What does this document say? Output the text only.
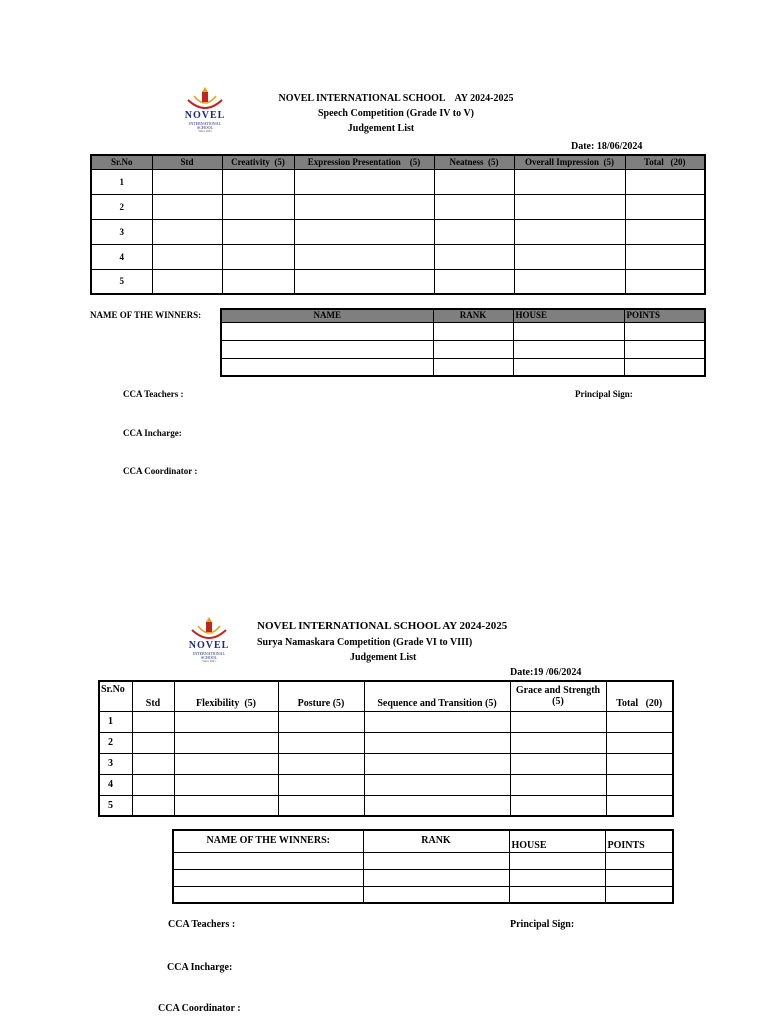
NOVEL
INTERNATIONAL
SCHOOL
Since 2001
NOVEL INTERNATIONAL SCHOOL    AY 2024-2025
Speech Competition (Grade IV to V)
Judgement List
Date: 18/06/2024
Sr.No	Std	Creativity  (5)	Expression Presentation    (5)	Neatness  (5)	Overall Impression  (5)	Total   (20)
1						
2						
3						
4						
5						
NAME OF THE WINNERS:	NAME	RANK	HOUSE	POINTS

CCA Teachers :	Principal Sign:
CCA Incharge:
CCA Coordinator :
NOVEL
INTERNATIONAL
SCHOOL
Since 2001
NOVEL INTERNATIONAL SCHOOL AY 2024-2025
Surya Namaskara Competition (Grade VI to VIII)
Judgement List
Date:19 /06/2024
Sr.No	Std	Flexibility  (5)	Posture (5)	Sequence and Transition (5)	Grace and Strength (5)	Total   (20)
1						
2						
3						
4						
5						
NAME OF THE WINNERS:	RANK	HOUSE	POINTS

CCA Teachers :	Principal Sign:
CCA Incharge:
CCA Coordinator :
